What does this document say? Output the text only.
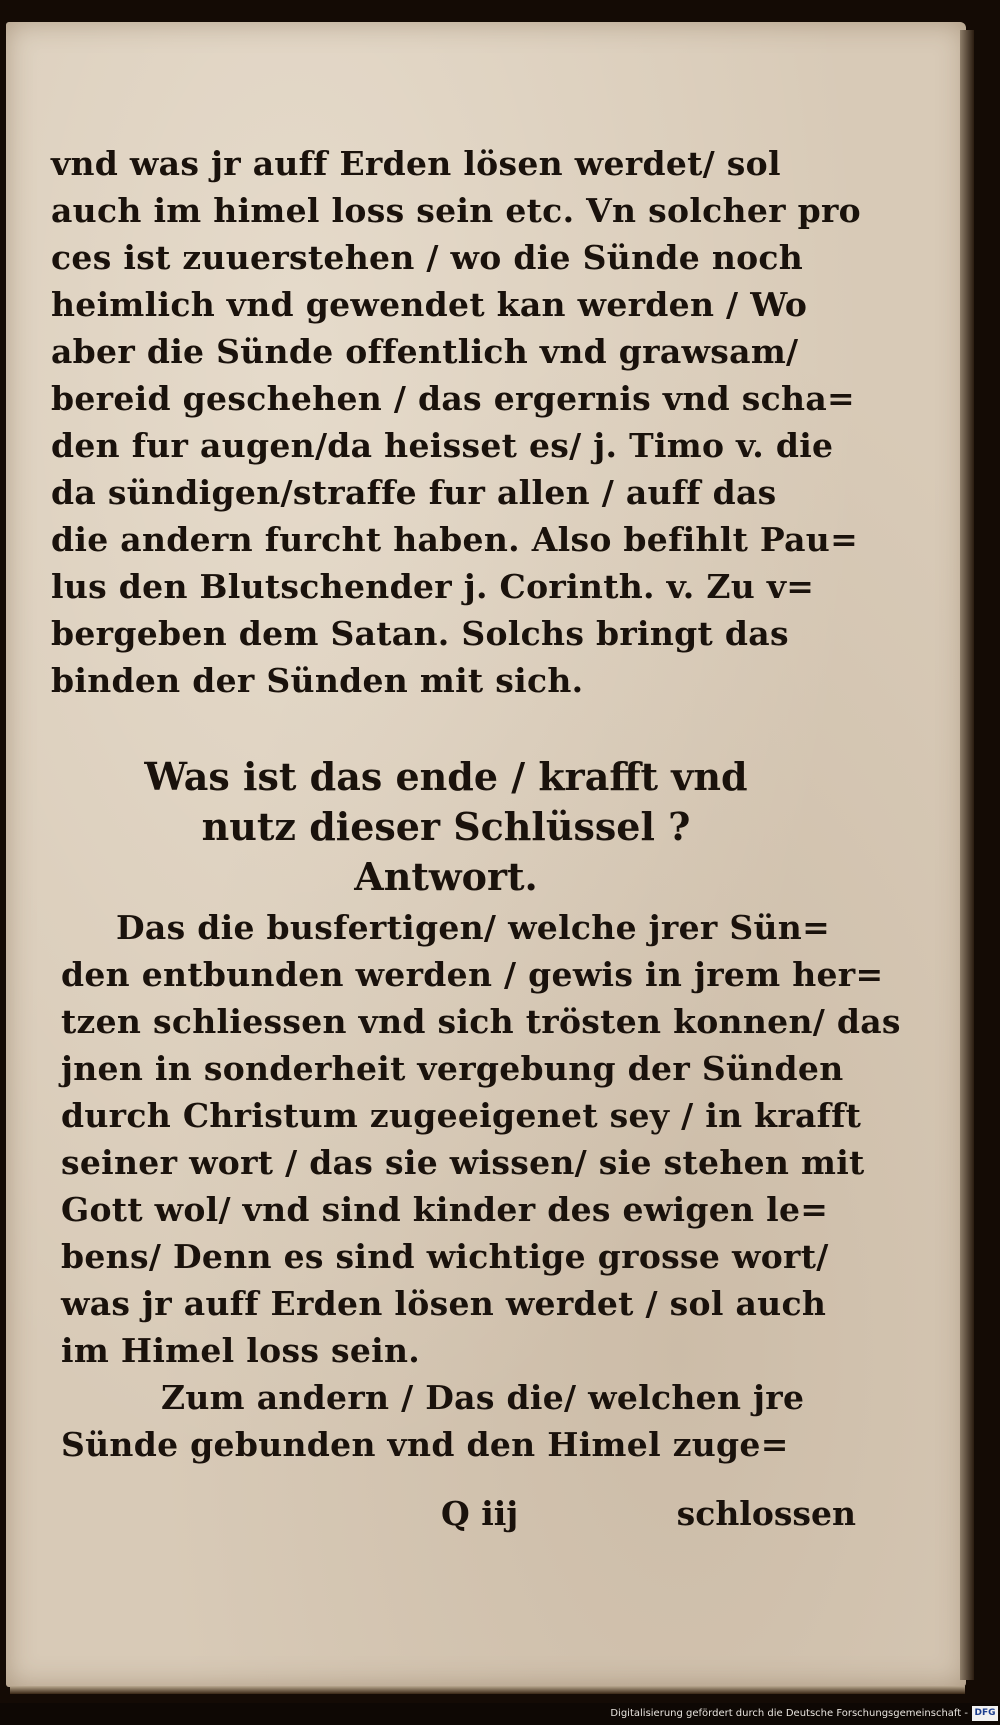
vnd was jr auff Erden lösen werdet/ sol
auch im himel loss sein etc. Vn solcher pro
ces ist zuuerstehen / wo die Sünde noch
heimlich vnd gewendet kan werden / Wo
aber die Sünde offentlich vnd grawsam/
bereid geschehen / das ergernis vnd scha=
den fur augen/da heisset es/ j. Timo v. die
da sündigen/straffe fur allen / auff das
die andern furcht haben. Also befihlt Pau=
lus den Blutschender j. Corinth. v. Zu v=
bergeben dem Satan. Solchs bringt das
binden der Sünden mit sich.
Was ist das ende / krafft vnd
nutz dieser Schlüssel ?
Antwort.
Das die busfertigen/ welche jrer Sün=
den entbunden werden / gewis in jrem her=
tzen schliessen vnd sich trösten konnen/ das
jnen in sonderheit vergebung der Sünden
durch Christum zugeeigenet sey / in krafft
seiner wort / das sie wissen/ sie stehen mit
Gott wol/ vnd sind kinder des ewigen le=
bens/ Denn es sind wichtige grosse wort/
was jr auff Erden lösen werdet / sol auch
im Himel loss sein.
Zum andern / Das die/ welchen jre
Sünde gebunden vnd den Himel zuge=
Q iij	schlossen
Digitalisierung gefördert durch die Deutsche Forschungsgemeinschaft - DFG
